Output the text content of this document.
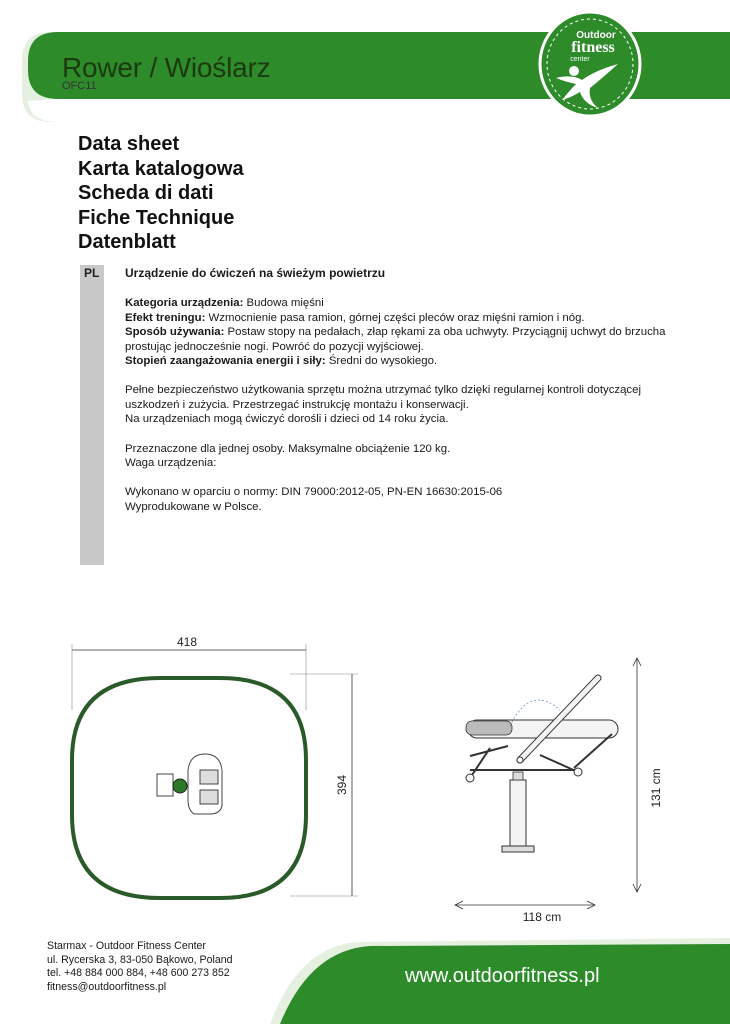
Rower / Wioślarz
OFC11
Outdoor
fitness
center
Data sheet
Karta katalogowa
Scheda di dati
Fiche Technique
Datenblatt
PL Urządzenie do ćwiczeń na świeżym powietrzu

Kategoria urządzenia: Budowa mięśni
Efekt treningu: Wzmocnienie pasa ramion, górnej części pleców oraz mięśni ramion i nóg.
Sposób używania: Postaw stopy na pedałach, złap rękami za oba uchwyty. Przyciągnij uchwyt do brzucha prostując jednocześnie nogi. Powróć do pozycji wyjściowej.
Stopień zaangażowania energii i siły: Średni do wysokiego.

Pełne bezpieczeństwo użytkowania sprzętu można utrzymać tylko dzięki regularnej kontroli dotyczącej uszkodzeń i zużycia. Przestrzegać instrukcję montażu i konserwacji.
Na urządzeniach mogą ćwiczyć dorośli i dzieci od 14 roku życia.

Przeznaczone dla jednej osoby. Maksymalne obciążenie 120 kg.
Waga urządzenia:

Wykonano w oparciu o normy: DIN 79000:2012-05, PN-EN 16630:2015-06
Wyprodukowane w Polsce.

418
394	131 cm
118 cm
Starmax - Outdoor Fitness Center
ul. Rycerska 3, 83-050 Bąkowo, Poland
tel. +48 884 000 884, +48 600 273 852
fitness@outdoorfitness.pl	www.outdoorfitness.pl
